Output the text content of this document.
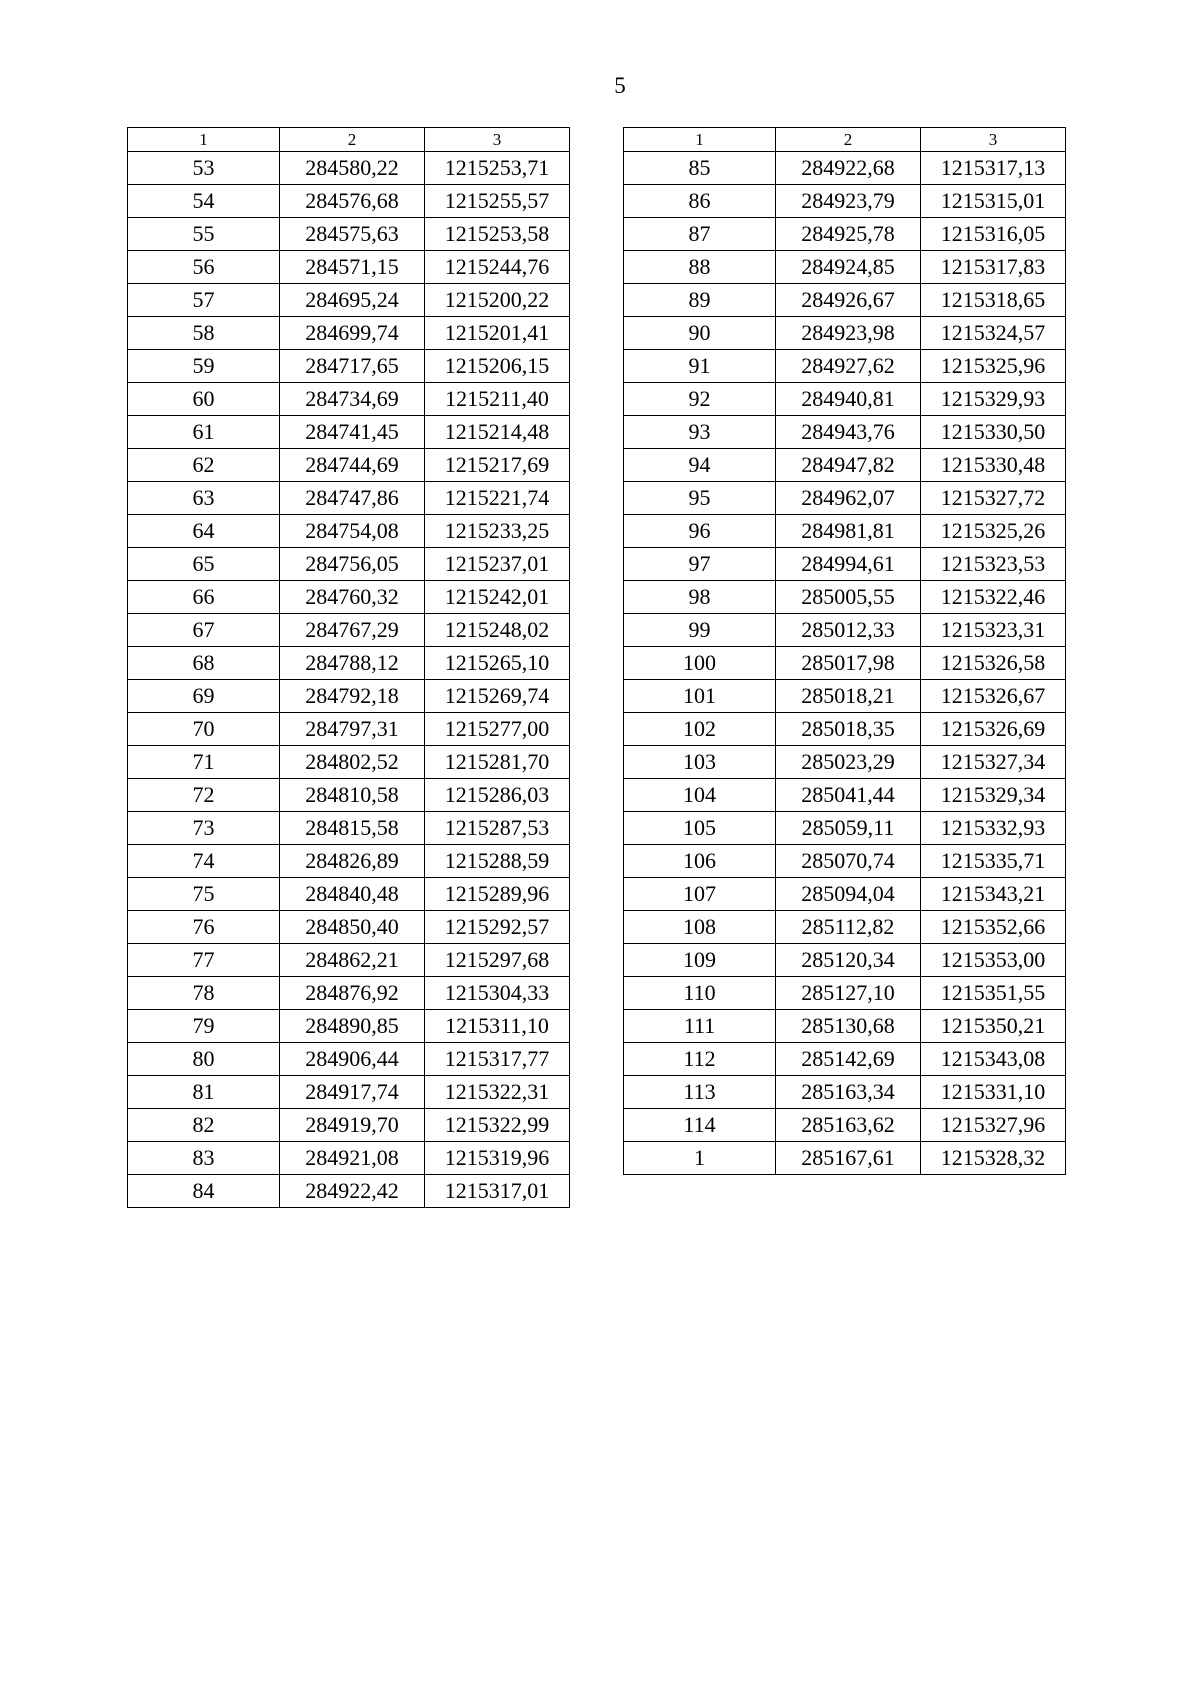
5
1	2	3
53	284580,22	1215253,71
54	284576,68	1215255,57
55	284575,63	1215253,58
56	284571,15	1215244,76
57	284695,24	1215200,22
58	284699,74	1215201,41
59	284717,65	1215206,15
60	284734,69	1215211,40
61	284741,45	1215214,48
62	284744,69	1215217,69
63	284747,86	1215221,74
64	284754,08	1215233,25
65	284756,05	1215237,01
66	284760,32	1215242,01
67	284767,29	1215248,02
68	284788,12	1215265,10
69	284792,18	1215269,74
70	284797,31	1215277,00
71	284802,52	1215281,70
72	284810,58	1215286,03
73	284815,58	1215287,53
74	284826,89	1215288,59
75	284840,48	1215289,96
76	284850,40	1215292,57
77	284862,21	1215297,68
78	284876,92	1215304,33
79	284890,85	1215311,10
80	284906,44	1215317,77
81	284917,74	1215322,31
82	284919,70	1215322,99
83	284921,08	1215319,96
84	284922,42	1215317,01
1	2	3
85	284922,68	1215317,13
86	284923,79	1215315,01
87	284925,78	1215316,05
88	284924,85	1215317,83
89	284926,67	1215318,65
90	284923,98	1215324,57
91	284927,62	1215325,96
92	284940,81	1215329,93
93	284943,76	1215330,50
94	284947,82	1215330,48
95	284962,07	1215327,72
96	284981,81	1215325,26
97	284994,61	1215323,53
98	285005,55	1215322,46
99	285012,33	1215323,31
100	285017,98	1215326,58
101	285018,21	1215326,67
102	285018,35	1215326,69
103	285023,29	1215327,34
104	285041,44	1215329,34
105	285059,11	1215332,93
106	285070,74	1215335,71
107	285094,04	1215343,21
108	285112,82	1215352,66
109	285120,34	1215353,00
110	285127,10	1215351,55
111	285130,68	1215350,21
112	285142,69	1215343,08
113	285163,34	1215331,10
114	285163,62	1215327,96
1	285167,61	1215328,32
